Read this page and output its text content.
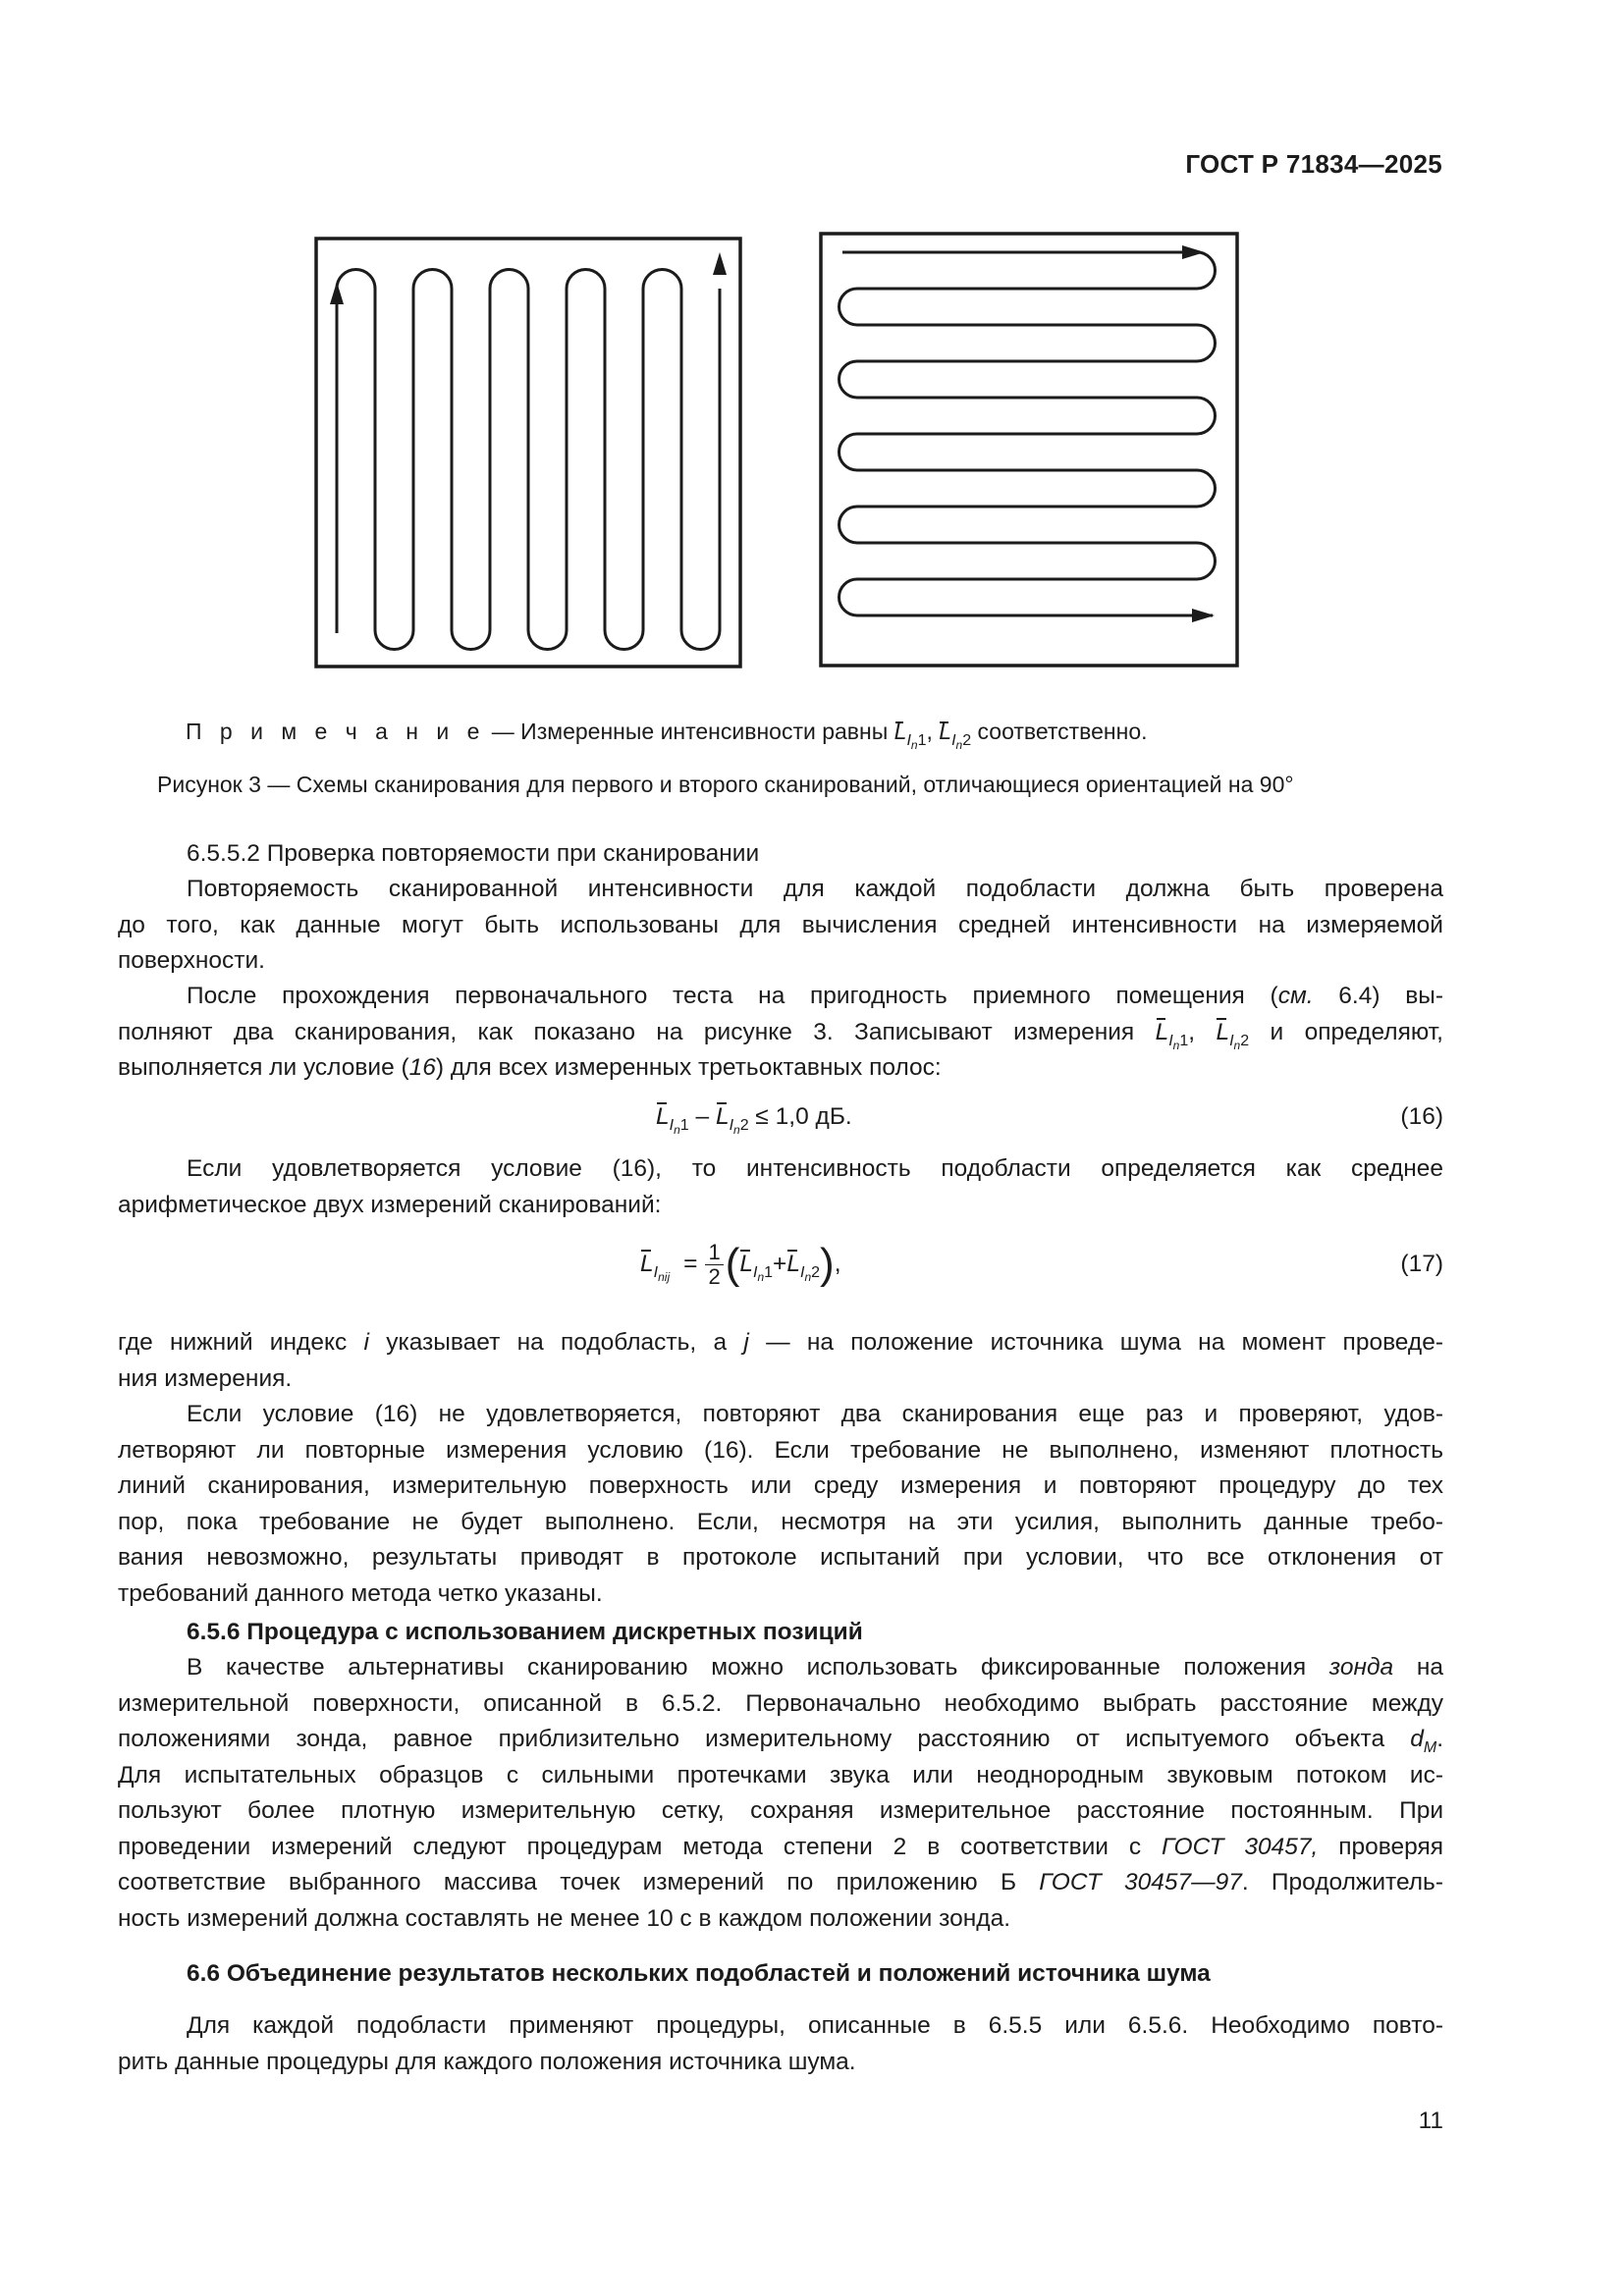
ГОСТ Р 71834—2025
П р и м е ч а н и е — Измеренные интенсивности равны $L_{I_n1}$, $L_{I_n2}$ соответственно.
Рисунок 3 — Схемы сканирования для первого и второго сканирований, отличающиеся ориентацией на 90°
6.5.5.2 Проверка повторяемости при сканировании
Повторяемость сканированной интенсивности для каждой подобласти должна быть проверена
до того, как данные могут быть использованы для вычисления средней интенсивности на измеряемой
поверхности.
После прохождения первоначального теста на пригодность приемного помещения (см. 6.4) вы-
полняют два сканирования, как показано на рисунке 3. Записывают измерения $L_{I_n1}$, $L_{I_n2}$ и определяют,
выполняется ли условие (16) для всех измеренных третьоктавных полос:
$L_{I_n1} - L_{I_n2} \le 1,0$ дБ.	(16)
Если удовлетворяется условие (16), то интенсивность подобласти определяется как среднее
арифметическое двух измерений сканирований:
$L_{I_{nij}} = \frac{1}{2}$ ( $L_{I_n1} + L_{I_n2}$ ) ,	(17)
где нижний индекс i указывает на подобласть, а j — на положение источника шума на момент проведе-
ния измерения.
Если условие (16) не удовлетворяется, повторяют два сканирования еще раз и проверяют, удов-
летворяют ли повторные измерения условию (16). Если требование не выполнено, изменяют плотность
линий сканирования, измерительную поверхность или среду измерения и повторяют процедуру до тех
пор, пока требование не будет выполнено. Если, несмотря на эти усилия, выполнить данные требо-
вания невозможно, результаты приводят в протоколе испытаний при условии, что все отклонения от
требований данного метода четко указаны.
6.5.6 Процедура с использованием дискретных позиций
В качестве альтернативы сканированию можно использовать фиксированные положения зонда на
измерительной поверхности, описанной в 6.5.2. Первоначально необходимо выбрать расстояние между
положениями зонда, равное приблизительно измерительному расстоянию от испытуемого объекта $d_M$.
Для испытательных образцов с сильными протечками звука или неоднородным звуковым потоком ис-
пользуют более плотную измерительную сетку, сохраняя измерительное расстояние постоянным. При
проведении измерений следуют процедурам метода степени 2 в соответствии с ГОСТ 30457, проверяя
соответствие выбранного массива точек измерений по приложению Б ГОСТ 30457—97. Продолжитель-
ность измерений должна составлять не менее 10 с в каждом положении зонда.
6.6 Объединение результатов нескольких подобластей и положений источника шума
Для каждой подобласти применяют процедуры, описанные в 6.5.5 или 6.5.6. Необходимо повто-
рить данные процедуры для каждого положения источника шума.
11
